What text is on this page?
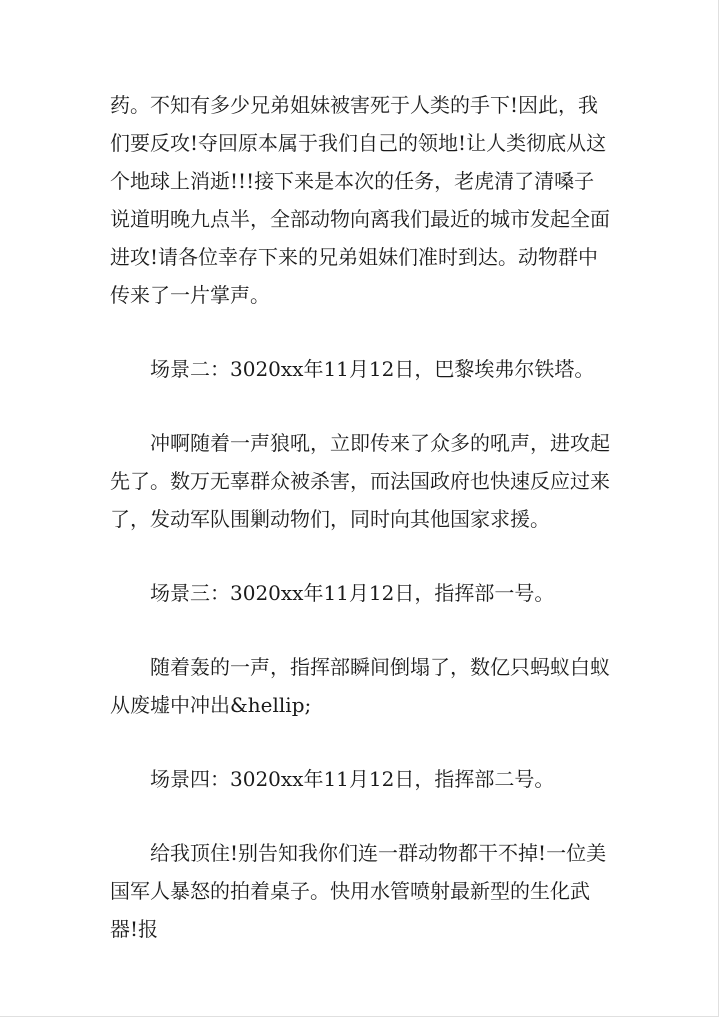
药。不知有多少兄弟姐妹被害死于人类的手下!因此，我们要反攻!夺回原本属于我们自己的领地!让人类彻底从这个地球上消逝!!!接下来是本次的任务，老虎清了清嗓子说道明晚九点半，全部动物向离我们最近的城市发起全面进攻!请各位幸存下来的兄弟姐妹们准时到达。动物群中传来了一片掌声。

场景二：3020xx年11月12日，巴黎埃弗尔铁塔。

冲啊随着一声狼吼，立即传来了众多的吼声，进攻起先了。数万无辜群众被杀害，而法国政府也快速反应过来了，发动军队围剿动物们，同时向其他国家求援。

场景三：3020xx年11月12日，指挥部一号。

随着轰的一声，指挥部瞬间倒塌了，数亿只蚂蚁白蚁从废墟中冲出&hellip;

场景四：3020xx年11月12日，指挥部二号。

给我顶住!别告知我你们连一群动物都干不掉!一位美国军人暴怒的拍着桌子。快用水管喷射最新型的生化武器!报
